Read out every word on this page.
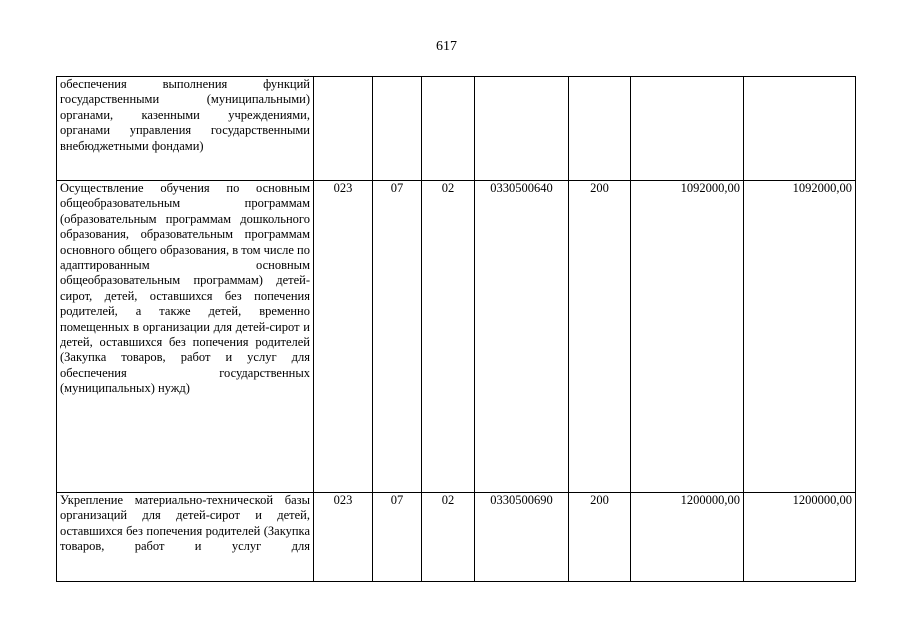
617
обеспечения выполнения функций государственными (муниципальными) органами, казенными учреждениями, органами управления государственными внебюджетными фондами)							
Осуществление обучения по основным общеобразовательным программам (образовательным программам дошкольного образования, образовательным программам основного общего образования, в том числе по адаптированным основным общеобразовательным программам) детей-сирот, детей, оставшихся без попечения родителей, а также детей, временно помещенных в организации для детей-сирот и детей, оставшихся без попечения родителей (Закупка товаров, работ и услуг для обеспечения государственных (муниципальных) нужд)	023	07	02	0330500640	200	1092000,00	1092000,00
Укрепление материально-технической базы организаций для детей-сирот и детей, оставшихся без попечения родителей (Закупка товаров, работ и услуг для	023	07	02	0330500690	200	1200000,00	1200000,00
